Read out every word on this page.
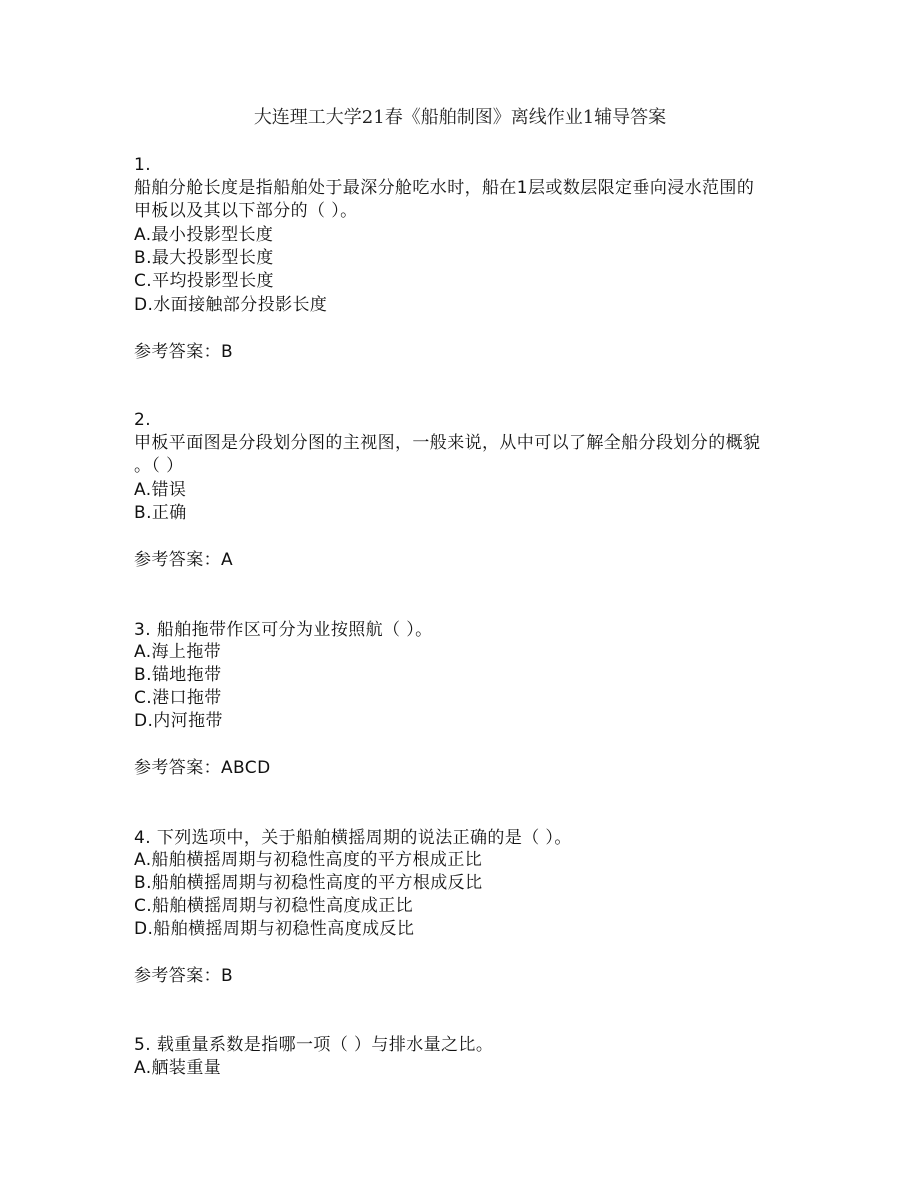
大连理工大学21春《船舶制图》离线作业1辅导答案
1.
船舶分舱长度是指船舶处于最深分舱吃水时，船在1层或数层限定垂向浸水范围的
甲板以及其以下部分的（ ）。
A.最小投影型长度
B.最大投影型长度
C.平均投影型长度
D.水面接触部分投影长度
参考答案：B
2.
甲板平面图是分段划分图的主视图，一般来说，从中可以了解全船分段划分的概貌
。（ ）
A.错误
B.正确
参考答案：A
3. 船舶拖带作区可分为业按照航（ ）。
A.海上拖带
B.锚地拖带
C.港口拖带
D.内河拖带
参考答案：ABCD
4. 下列选项中，关于船舶横摇周期的说法正确的是（ ）。
A.船舶横摇周期与初稳性高度的平方根成正比
B.船舶横摇周期与初稳性高度的平方根成反比
C.船舶横摇周期与初稳性高度成正比
D.船舶横摇周期与初稳性高度成反比
参考答案：B
5. 载重量系数是指哪一项（ ）与排水量之比。
A.舾装重量
